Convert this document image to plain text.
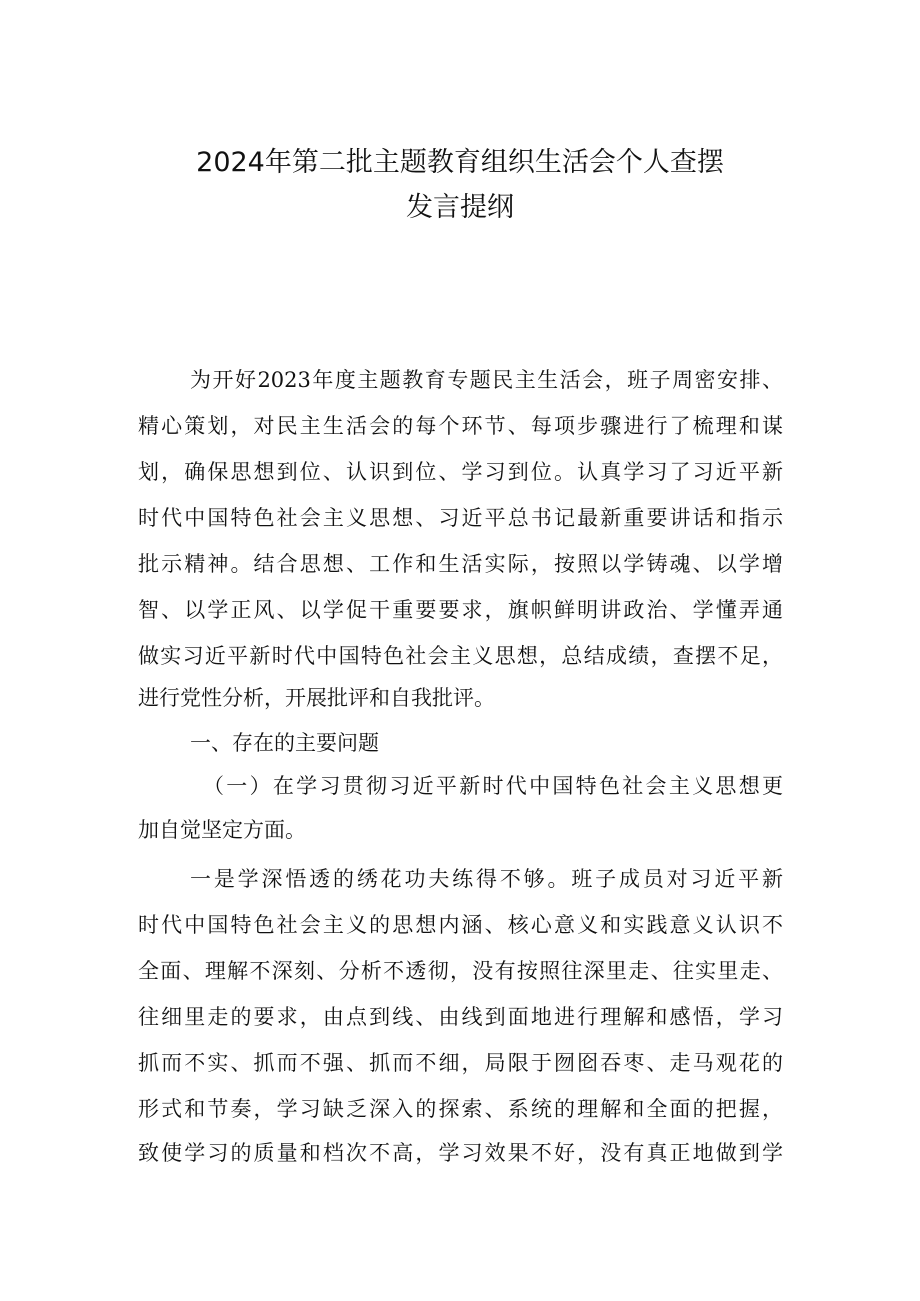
2024年第二批主题教育组织生活会个人查摆
发言提纲
为开好2023年度主题教育专题民主生活会，班子周密安排、
精心策划，对民主生活会的每个环节、每项步骤进行了梳理和谋
划，确保思想到位、认识到位、学习到位。认真学习了习近平新
时代中国特色社会主义思想、习近平总书记最新重要讲话和指示
批示精神。结合思想、工作和生活实际，按照以学铸魂、以学增
智、以学正风、以学促干重要要求，旗帜鲜明讲政治、学懂弄通
做实习近平新时代中国特色社会主义思想，总结成绩，查摆不足，
进行党性分析，开展批评和自我批评。
一、存在的主要问题
（一）在学习贯彻习近平新时代中国特色社会主义思想更
加自觉坚定方面。
一是学深悟透的绣花功夫练得不够。班子成员对习近平新
时代中国特色社会主义的思想内涵、核心意义和实践意义认识不
全面、理解不深刻、分析不透彻，没有按照往深里走、往实里走、
往细里走的要求，由点到线、由线到面地进行理解和感悟，学习
抓而不实、抓而不强、抓而不细，局限于囫囵吞枣、走马观花的
形式和节奏，学习缺乏深入的探索、系统的理解和全面的把握，
致使学习的质量和档次不高，学习效果不好，没有真正地做到学
